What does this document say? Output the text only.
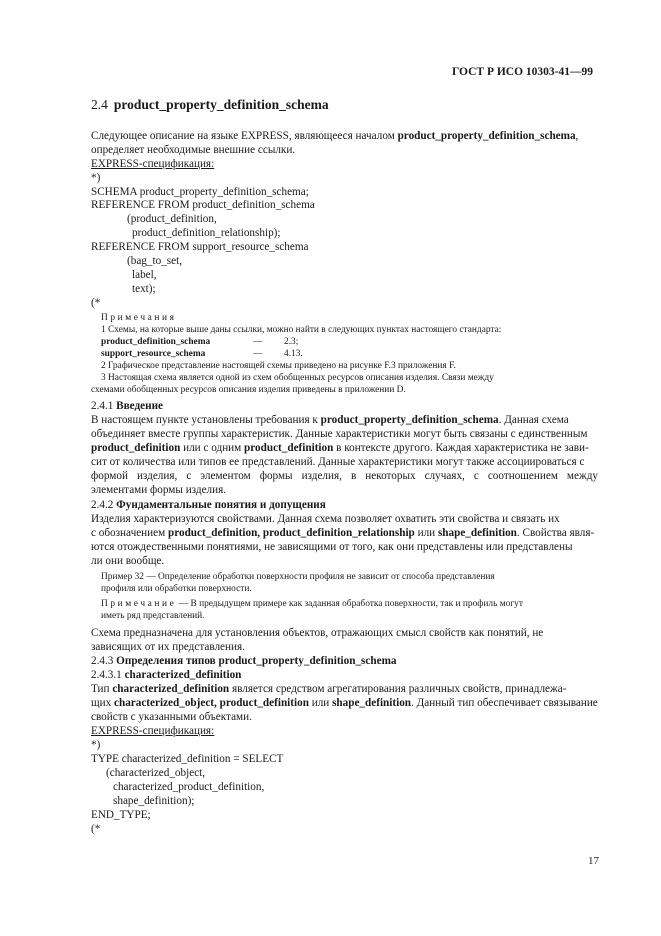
ГОСТ Р ИСО 10303-41—99
2.4 product_property_definition_schema
Следующее описание на языке EXPRESS, являющееся началом product_property_definition_schema,
определяет необходимые внешние ссылки.
EXPRESS-спецификация:
*)
SCHEMA product_property_definition_schema;
REFERENCE FROM product_definition_schema
(product_definition,
product_definition_relationship);
REFERENCE FROM support_resource_schema
(bag_to_set,
label,
text);
(*
Примечания
1 Схемы, на которые выше даны ссылки, можно найти в следующих пунктах настоящего стандарта:
product_definition_schema	— 2.3;
support_resource_schema	— 4.13.
2 Графическое представление настоящей схемы приведено на рисунке F.3 приложения F.
3 Настоящая схема является одной из схем обобщенных ресурсов описания изделия. Связи между
схемами обобщенных ресурсов описания изделия приведены в приложении D.
2.4.1 Введение
В настоящем пункте установлены требования к product_property_definition_schema. Данная схема
объединяет вместе группы характеристик. Данные характеристики могут быть связаны с единственным
product_definition или с одним product_definition в контексте другого. Каждая характеристика не зави-
сит от количества или типов ее представлений. Данные характеристики могут также ассоциироваться с
формой изделия, с элементом формы изделия, в некоторых случаях, с соотношением между
элементами формы изделия.
2.4.2 Фундаментальные понятия и допущения
Изделия характеризуются свойствами. Данная схема позволяет охватить эти свойства и связать их
с обозначением product_definition, product_definition_relationship или shape_definition. Свойства явля-
ются отождественными понятиями, не зависящими от того, как они представлены или представлены
ли они вообще.
Пример 32 — Определение обработки поверхности профиля не зависит от способа представления
профиля или обработки поверхности.
Примечание — В предыдущем примере как заданная обработка поверхности, так и профиль могут
иметь ряд представлений.
Схема предназначена для установления объектов, отражающих смысл свойств как понятий, не
зависящих от их представления.
2.4.3 Определения типов product_property_definition_schema
2.4.3.1 characterized_definition
Тип characterized_definition является средством агрегатирования различных свойств, принадлежа-
щих characterized_object, product_definition или shape_definition. Данный тип обеспечивает связывание
свойств с указанными объектами.
EXPRESS-спецификация:
*)
TYPE characterized_definition = SELECT
(characterized_object,
characterized_product_definition,
shape_definition);
END_TYPE;
(*
17
